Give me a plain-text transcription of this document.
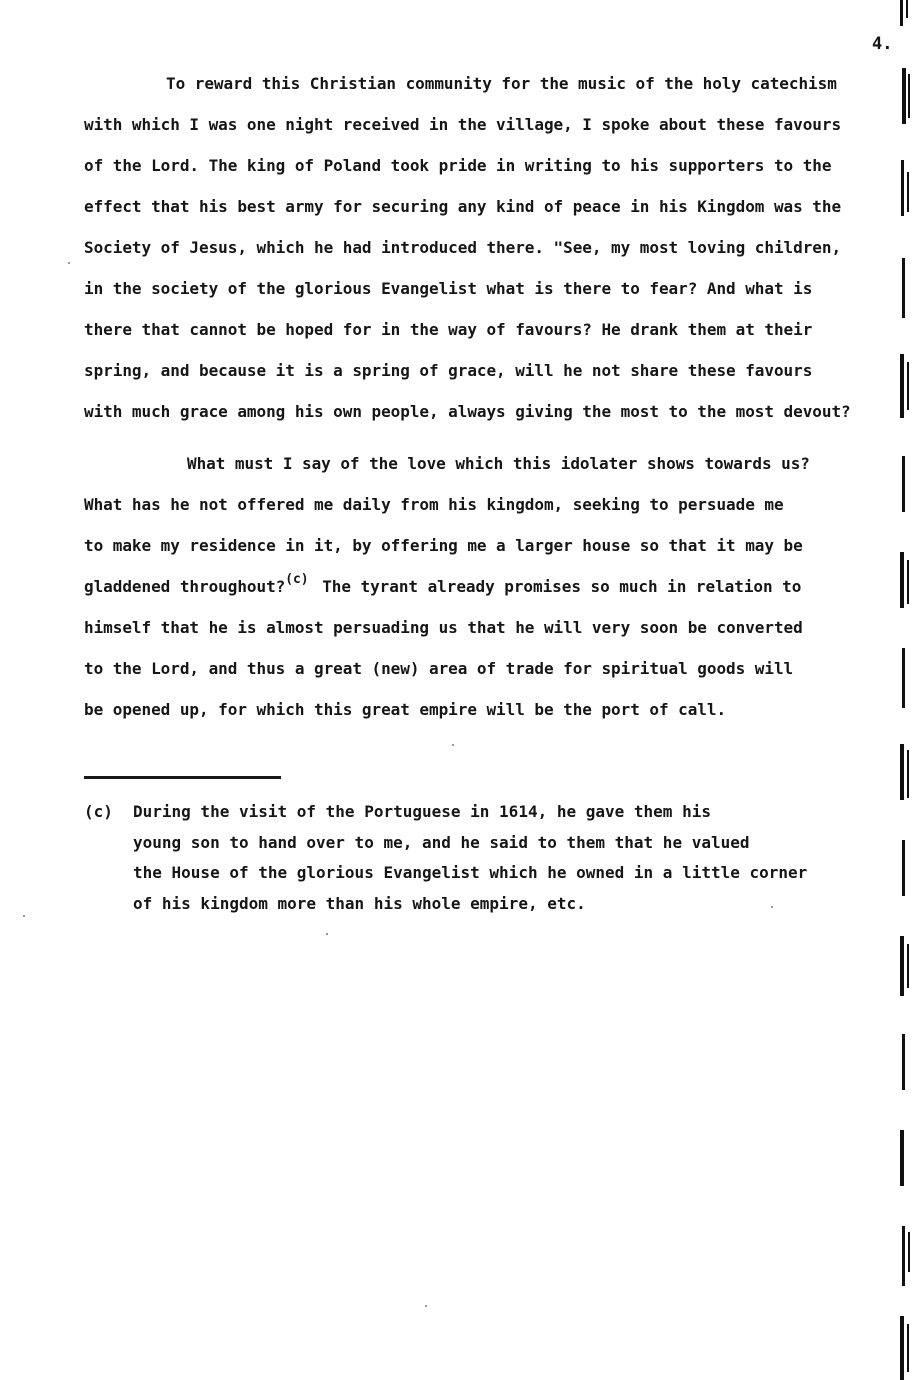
4.
To reward this Christian community for the music of the holy catechism
with which I was one night received in the village, I spoke about these favours
of the Lord. The king of Poland took pride in writing to his supporters to the
effect that his best army for securing any kind of peace in his Kingdom was the
Society of Jesus, which he had introduced there. "See, my most loving children,
in the society of the glorious Evangelist what is there to fear? And what is
there that cannot be hoped for in the way of favours? He drank them at their
spring, and because it is a spring of grace, will he not share these favours
with much grace among his own people, always giving the most to the most devout?
What must I say of the love which this idolater shows towards us?
What has he not offered me daily from his kingdom, seeking to persuade me
to make my residence in it, by offering me a larger house so that it may be
gladdened throughout?$^{(c)}$ The tyrant already promises so much in relation to
himself that he is almost persuading us that he will very soon be converted
to the Lord, and thus a great (new) area of trade for spiritual goods will
be opened up, for which this great empire will be the port of call.
(c) During the visit of the Portuguese in 1614, he gave them his
young son to hand over to me, and he said to them that he valued
the House of the glorious Evangelist which he owned in a little corner
of his kingdom more than his whole empire, etc.
